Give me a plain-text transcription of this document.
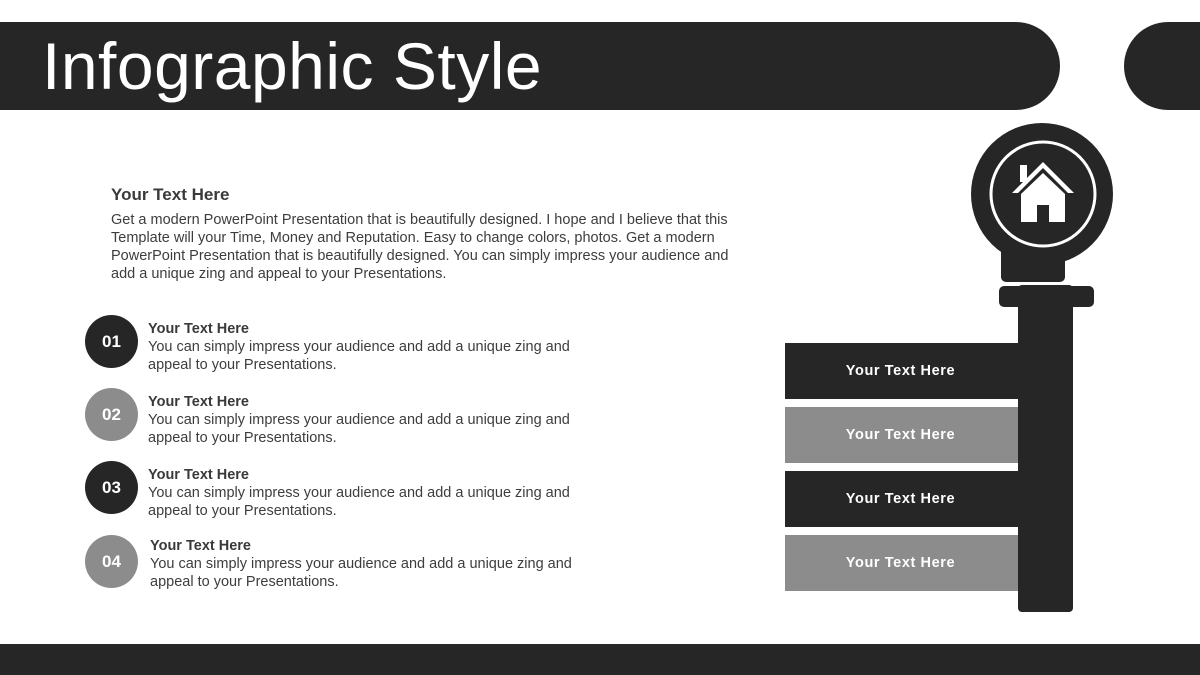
Infographic Style
Your Text Here
Get a modern PowerPoint Presentation that is beautifully designed. I hope and I believe that this Template will your Time, Money and Reputation. Easy to change colors, photos. Get a modern PowerPoint Presentation that is beautifully designed. You can simply impress your audience and add a unique zing and appeal to your Presentations.
01
Your Text Here
You can simply impress your audience and add a unique zing and appeal to your Presentations.
02
Your Text Here
You can simply impress your audience and add a unique zing and appeal to your Presentations.
03
Your Text Here
You can simply impress your audience and add a unique zing and appeal to your Presentations.
04
Your Text Here
You can simply impress your audience and add a unique zing and appeal to your Presentations.
Your Text Here
Your Text Here
Your Text Here
Your Text Here
